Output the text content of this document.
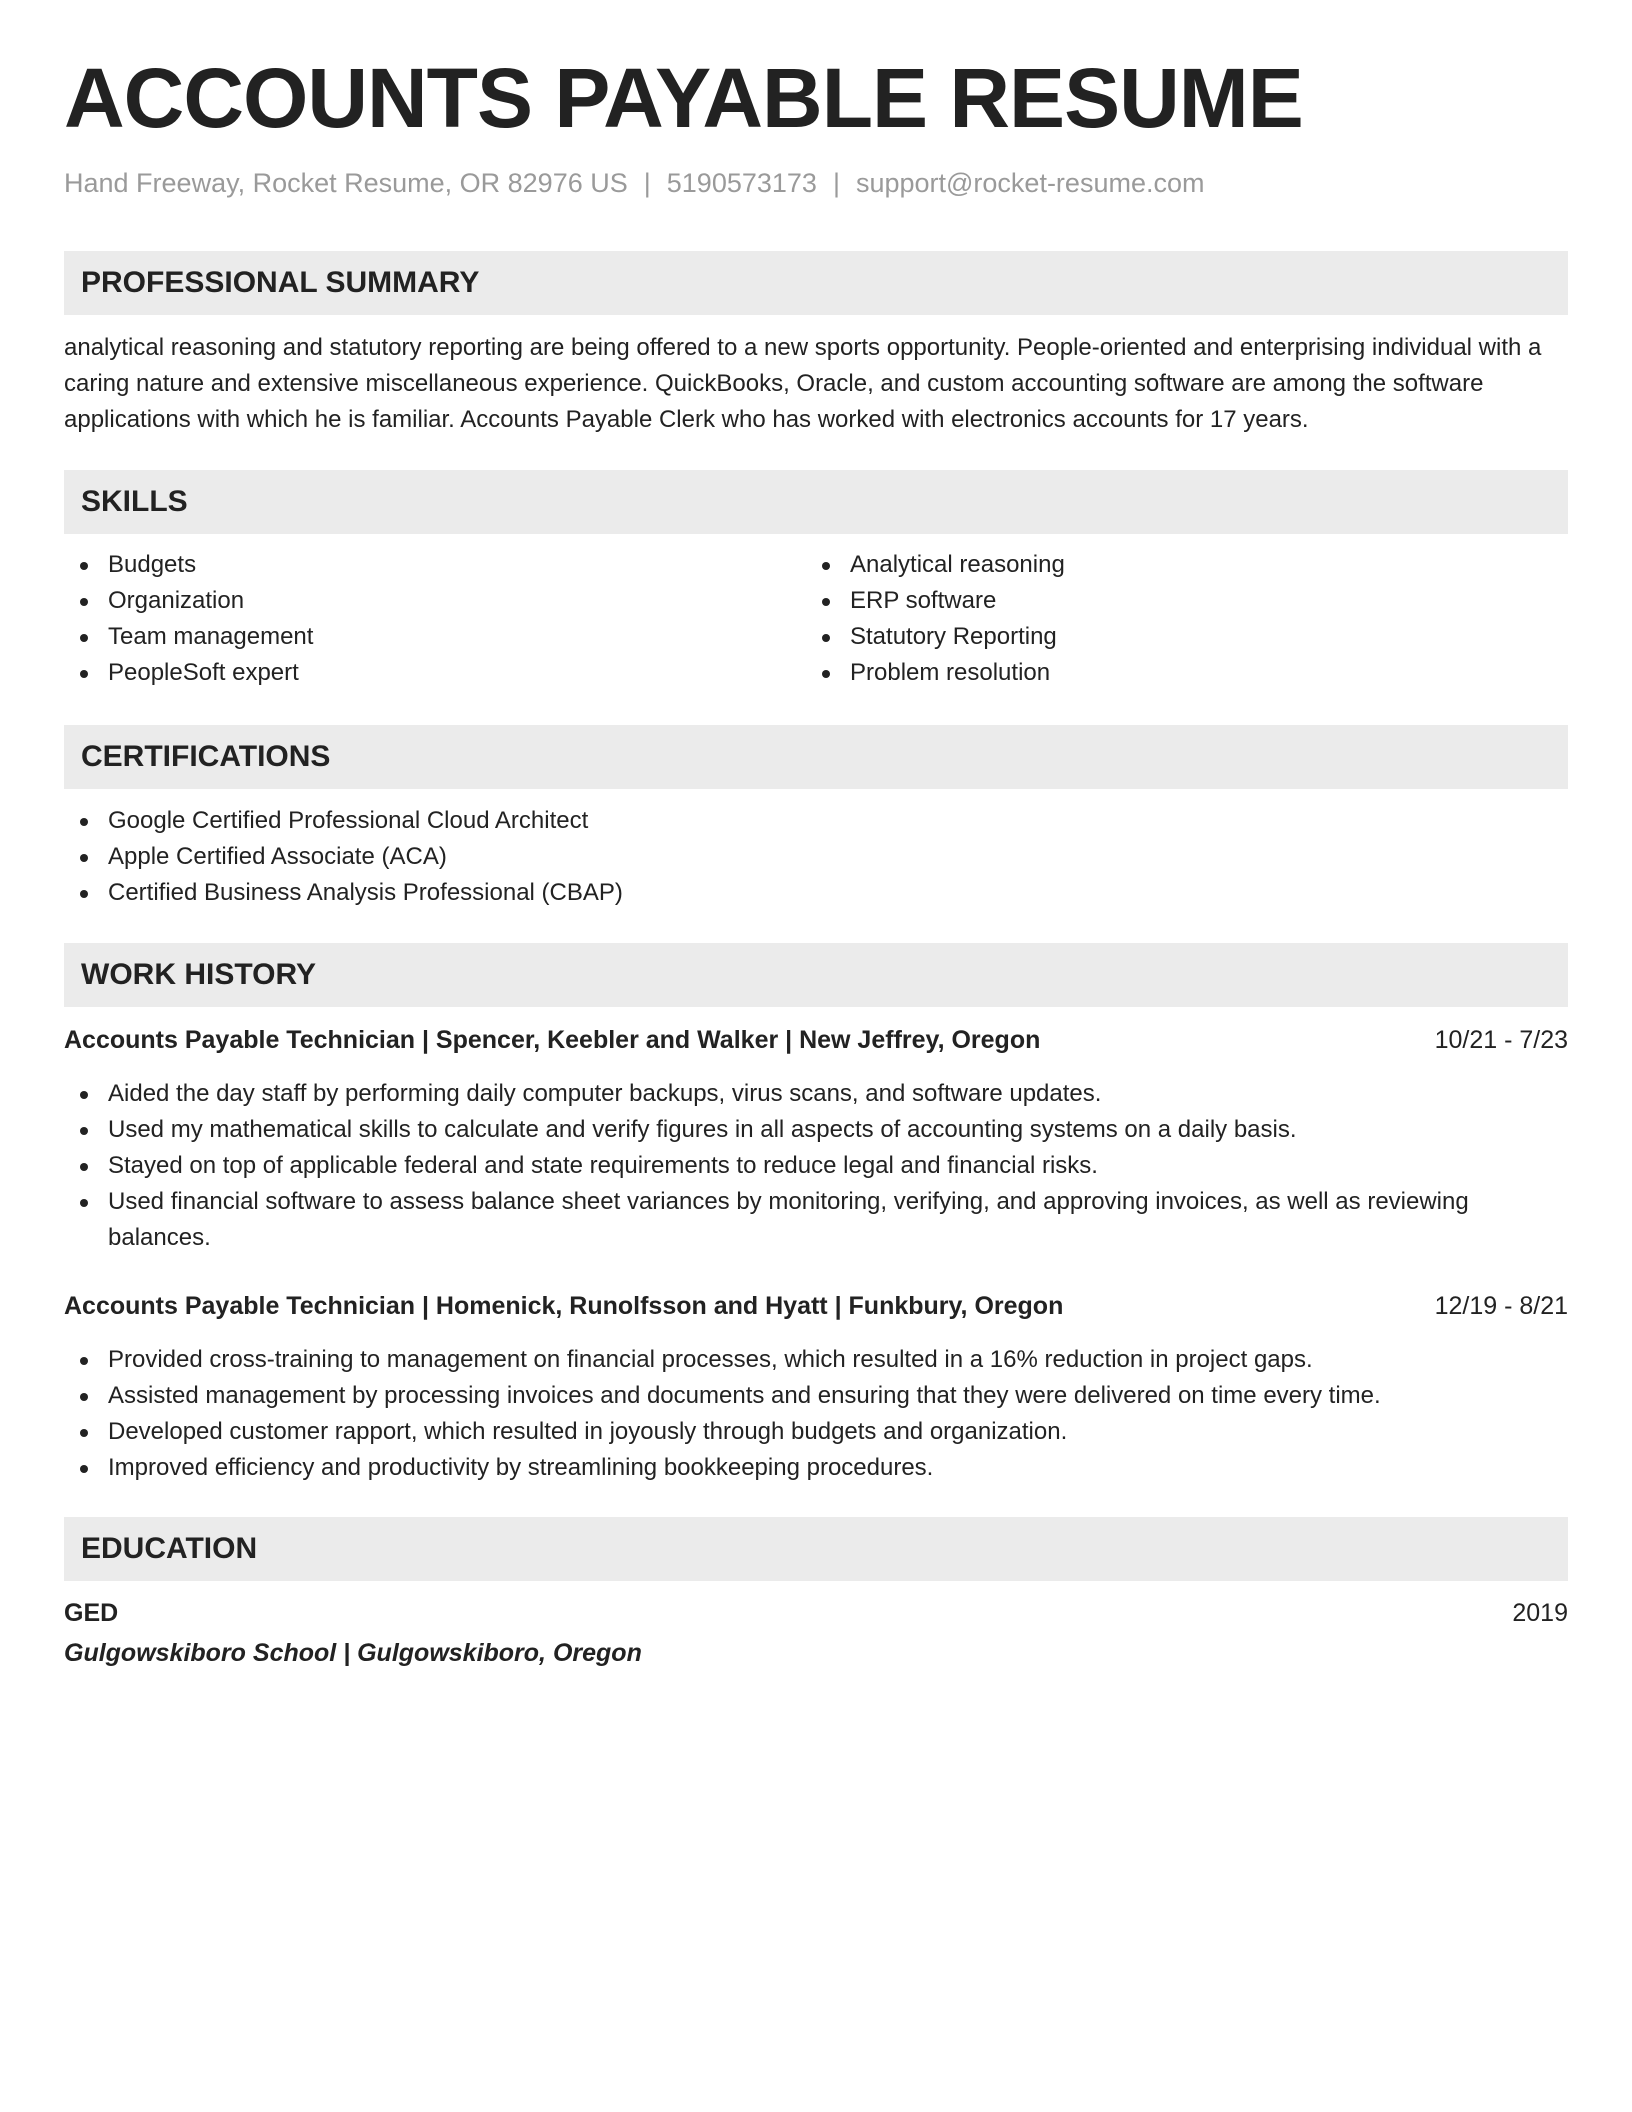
ACCOUNTS PAYABLE RESUME
Hand Freeway, Rocket Resume, OR 82976 US | 5190573173 | support@rocket-resume.com
PROFESSIONAL SUMMARY

analytical reasoning and statutory reporting are being offered to a new sports opportunity. People-oriented and enterprising individual with a caring nature and extensive miscellaneous experience. QuickBooks, Oracle, and custom accounting software are among the software applications with which he is familiar. Accounts Payable Clerk who has worked with electronics accounts for 17 years.

SKILLS
Budgets
Organization
Team management
PeopleSoft expert
Analytical reasoning
ERP software
Statutory Reporting
Problem resolution
CERTIFICATIONS
Google Certified Professional Cloud Architect
Apple Certified Associate (ACA)
Certified Business Analysis Professional (CBAP)
WORK HISTORY
Accounts Payable Technician | Spencer, Keebler and Walker | New Jeffrey, Oregon	10/21 - 7/23
Aided the day staff by performing daily computer backups, virus scans, and software updates.
Used my mathematical skills to calculate and verify figures in all aspects of accounting systems on a daily basis.
Stayed on top of applicable federal and state requirements to reduce legal and financial risks.
Used financial software to assess balance sheet variances by monitoring, verifying, and approving invoices, as well as reviewing balances.
Accounts Payable Technician | Homenick, Runolfsson and Hyatt | Funkbury, Oregon	12/19 - 8/21
Provided cross-training to management on financial processes, which resulted in a 16% reduction in project gaps.
Assisted management by processing invoices and documents and ensuring that they were delivered on time every time.
Developed customer rapport, which resulted in joyously through budgets and organization.
Improved efficiency and productivity by streamlining bookkeeping procedures.
EDUCATION
GED	2019
Gulgowskiboro School | Gulgowskiboro, Oregon
